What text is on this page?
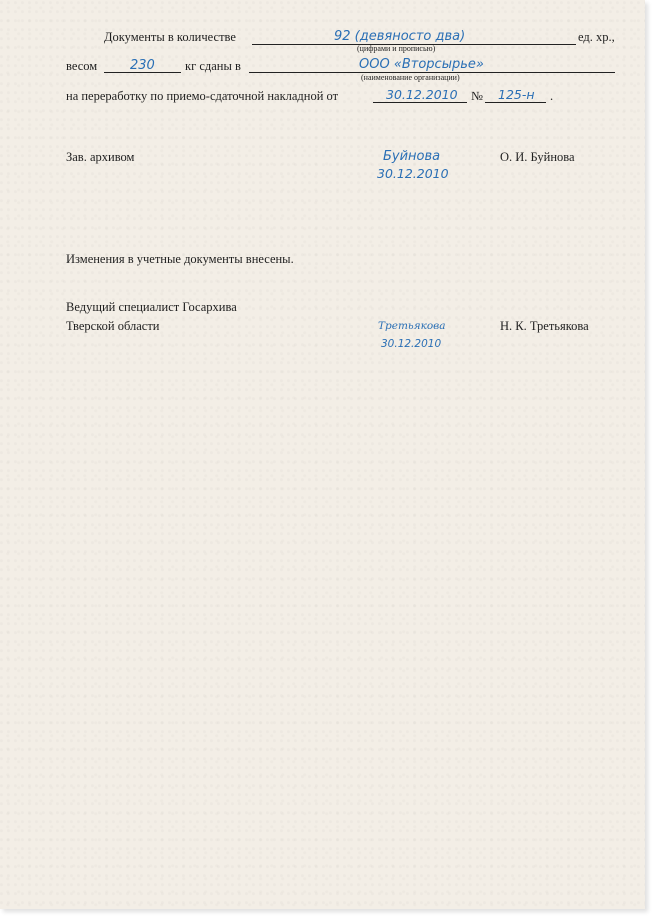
Документы в количестве	92 (девяносто два)
(цифрами и прописью)
ед. хр.,
весом	230 кг сданы в	ООО «Вторсырье»
(наименование организации)
на переработку по приемо-сдаточной накладной от	30.12.2010 № 125-н .
Зав. архивом	Буйнова
30.12.2010
О. И. Буйнова
Изменения в учетные документы внесены.
Ведущий специалист Госархива
Тверской области	Третьякова
30.12.2010
Н. К. Третьякова
